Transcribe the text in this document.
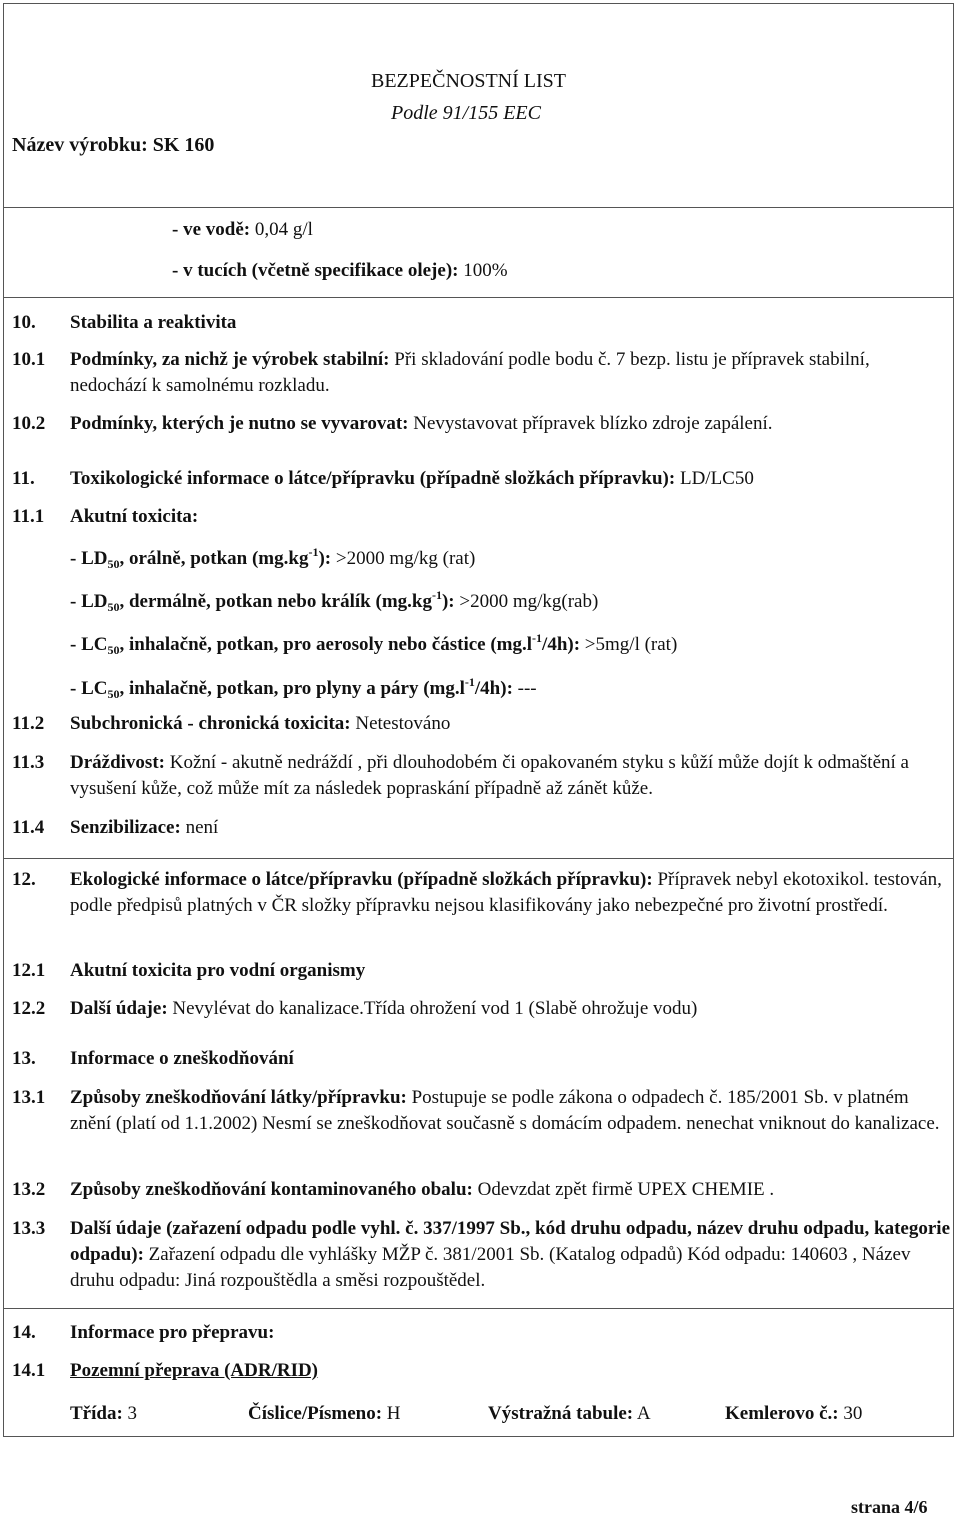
BEZPEČNOSTNÍ LIST
Podle 91/155 EEC
Název výrobku: SK 160
- ve vodě: 0,04 g/l
- v tucích (včetně specifikace oleje): 100%
10. Stabilita a reaktivita
10.1 Podmínky, za nichž je výrobek stabilní: Při skladování podle bodu č. 7 bezp. listu je přípravek stabilní, nedochází k samolnému rozkladu.
10.2 Podmínky, kterých je nutno se vyvarovat: Nevystavovat přípravek blízko zdroje zapálení.
11. Toxikologické informace o látce/přípravku (případně složkách přípravku): LD/LC50
11.1 Akutní toxicita:
- $LD_{50}$, orálně, potkan $(mg.kg^{-1})$: >2000 mg/kg (rat)
- $LD_{50}$, dermálně, potkan nebo králík $(mg.kg^{-1})$: >2000 mg/kg(rab)
- $LC_{50}$, inhalačně, potkan, pro aerosoly nebo částice $(mg.l^{-1}/4h)$: >5mg/l (rat)
- $LC_{50}$, inhalačně, potkan, pro plyny a páry $(mg.l^{-1}/4h)$: ---
11.2 Subchronická - chronická toxicita: Netestováno
11.3 Dráždivost: Kožní - akutně nedráždí , při dlouhodobém či opakovaném styku s kůží může dojít k odmaštění a vysušení kůže, což může mít za následek popraskání případně až zánět kůže.
11.4 Senzibilizace: není
12. Ekologické informace o látce/přípravku (případně složkách přípravku): Přípravek nebyl ekotoxikol. testován, podle předpisů platných v ČR složky přípravku nejsou klasifikovány jako nebezpečné pro životní prostředí.
12.1 Akutní toxicita pro vodní organismy
12.2 Další údaje: Nevylévat do kanalizace.Třída ohrožení vod 1 (Slabě ohrožuje vodu)
13. Informace o zneškodňování
13.1 Způsoby zneškodňování látky/přípravku: Postupuje se podle zákona o odpadech č. 185/2001 Sb. v platném znění (platí od 1.1.2002) Nesmí se zneškodňovat současně s domácím odpadem. nenechat vniknout do kanalizace.
13.2 Způsoby zneškodňování kontaminovaného obalu: Odevzdat zpět firmě UPEX CHEMIE .
13.3 Další údaje (zařazení odpadu podle vyhl. č. 337/1997 Sb., kód druhu odpadu, název druhu odpadu, kategorie odpadu): Zařazení odpadu dle vyhlášky MŽP č. 381/2001 Sb. (Katalog odpadů) Kód odpadu: 140603 , Název druhu odpadu: Jiná rozpouštědla a směsi rozpouštědel.
14. Informace pro přepravu:
14.1 Pozemní přeprava (ADR/RID)
Třída: 3	Číslice/Písmeno: H	Výstražná tabule: A	Kemlerovo č.: 30
strana 4/6
